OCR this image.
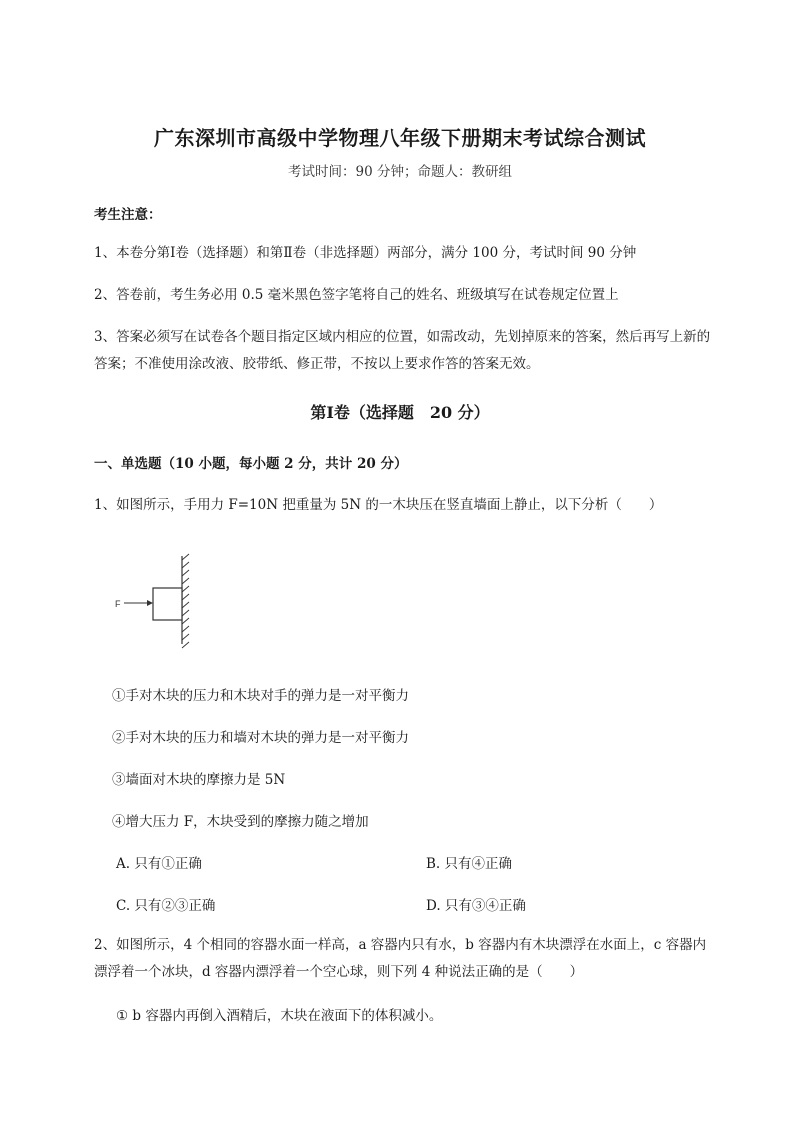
广东深圳市高级中学物理八年级下册期末考试综合测试
考试时间：90 分钟；命题人：教研组
考生注意：
1、本卷分第Ⅰ卷（选择题）和第Ⅱ卷（非选择题）两部分，满分 100 分，考试时间 90 分钟
2、答卷前，考生务必用 0.5 毫米黑色签字笔将自己的姓名、班级填写在试卷规定位置上
3、答案必须写在试卷各个题目指定区域内相应的位置，如需改动，先划掉原来的答案，然后再写上新的答案；不准使用涂改液、胶带纸、修正带，不按以上要求作答的答案无效。
第Ⅰ卷（选择题　20 分）
一、单选题（10 小题，每小题 2 分，共计 20 分）
1、如图所示，手用力 F=10N 把重量为 5N 的一木块压在竖直墙面上静止，以下分析（　　）
F
①手对木块的压力和木块对手的弹力是一对平衡力
②手对木块的压力和墙对木块的弹力是一对平衡力
③墙面对木块的摩擦力是 5N
④增大压力 F，木块受到的摩擦力随之增加
A. 只有①正确	B. 只有④正确
C. 只有②③正确	D. 只有③④正确
2、如图所示，4 个相同的容器水面一样高，a 容器内只有水，b 容器内有木块漂浮在水面上，c 容器内漂浮着一个冰块，d 容器内漂浮着一个空心球，则下列 4 种说法正确的是（　　）
① b 容器内再倒入酒精后，木块在液面下的体积减小。
